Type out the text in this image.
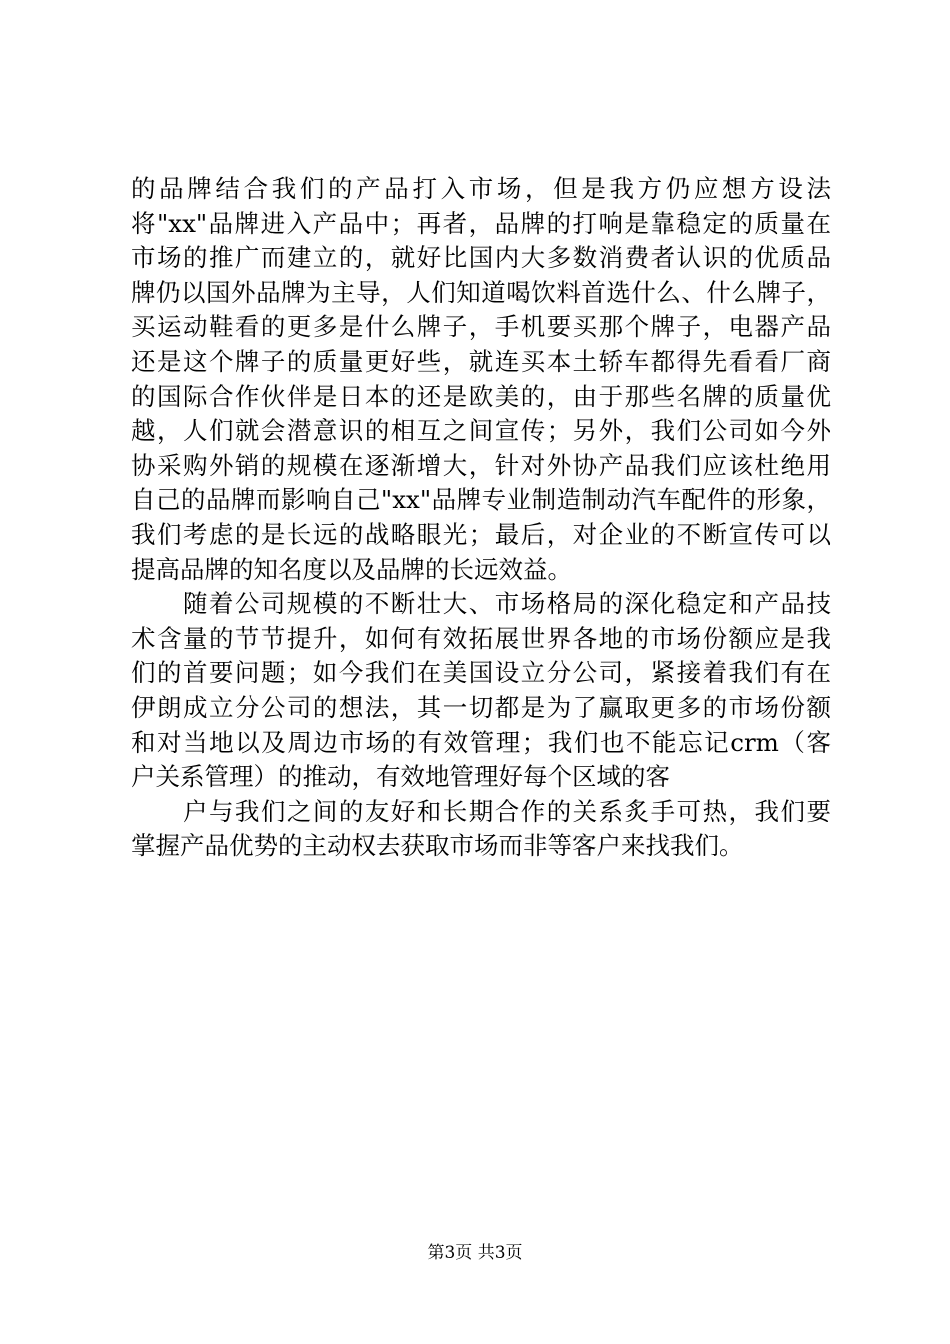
的品牌结合我们的产品打入市场，但是我方仍应想方设法
将"xx"品牌进入产品中；再者，品牌的打响是靠稳定的质量在
市场的推广而建立的，就好比国内大多数消费者认识的优质品
牌仍以国外品牌为主导，人们知道喝饮料首选什么、什么牌子，
买运动鞋看的更多是什么牌子，手机要买那个牌子，电器产品
还是这个牌子的质量更好些，就连买本土轿车都得先看看厂商
的国际合作伙伴是日本的还是欧美的，由于那些名牌的质量优
越，人们就会潜意识的相互之间宣传；另外，我们公司如今外
协采购外销的规模在逐渐增大，针对外协产品我们应该杜绝用
自己的品牌而影响自己"xx"品牌专业制造制动汽车配件的形象，
我们考虑的是长远的战略眼光；最后，对企业的不断宣传可以
提高品牌的知名度以及品牌的长远效益。
　　随着公司规模的不断壮大、市场格局的深化稳定和产品技
术含量的节节提升，如何有效拓展世界各地的市场份额应是我
们的首要问题；如今我们在美国设立分公司，紧接着我们有在
伊朗成立分公司的想法，其一切都是为了赢取更多的市场份额
和对当地以及周边市场的有效管理；我们也不能忘记crm（客
户关系管理）的推动，有效地管理好每个区域的客
　　户与我们之间的友好和长期合作的关系炙手可热，我们要
掌握产品优势的主动权去获取市场而非等客户来找我们。
第3页 共3页
